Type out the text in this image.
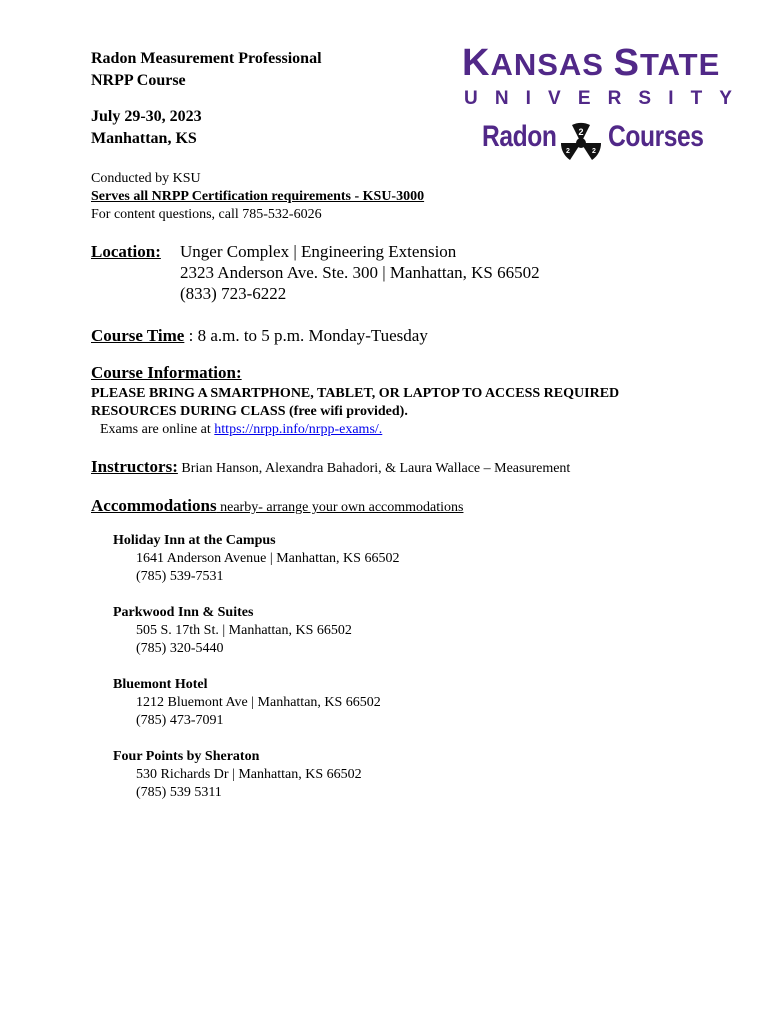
Radon Measurement Professional
NRPP Course
July 29-30, 2023
Manhattan, KS
KANSAS STATE
U N I V E R S I T Y
Radon 2
2	2 Courses
Conducted by KSU
Serves all NRPP Certification requirements - KSU-3000
For content questions, call 785-532-6026
Location:	Unger Complex | Engineering Extension
2323 Anderson Ave. Ste. 300 | Manhattan, KS 66502
(833) 723-6222
Course Time : 8 a.m. to 5 p.m. Monday-Tuesday
Course Information:
PLEASE BRING A SMARTPHONE, TABLET, OR LAPTOP TO ACCESS REQUIRED
RESOURCES DURING CLASS (free wifi provided).
Exams are online at https://nrpp.info/nrpp-exams/.
Instructors: Brian Hanson, Alexandra Bahadori, & Laura Wallace – Measurement
Accommodations nearby- arrange your own accommodations
Holiday Inn at the Campus
1641 Anderson Avenue | Manhattan, KS 66502
(785) 539-7531
Parkwood Inn & Suites
505 S. 17th St. | Manhattan, KS 66502
(785) 320-5440
Bluemont Hotel
1212 Bluemont Ave | Manhattan, KS 66502
(785) 473-7091
Four Points by Sheraton
530 Richards Dr | Manhattan, KS 66502
(785) 539 5311
